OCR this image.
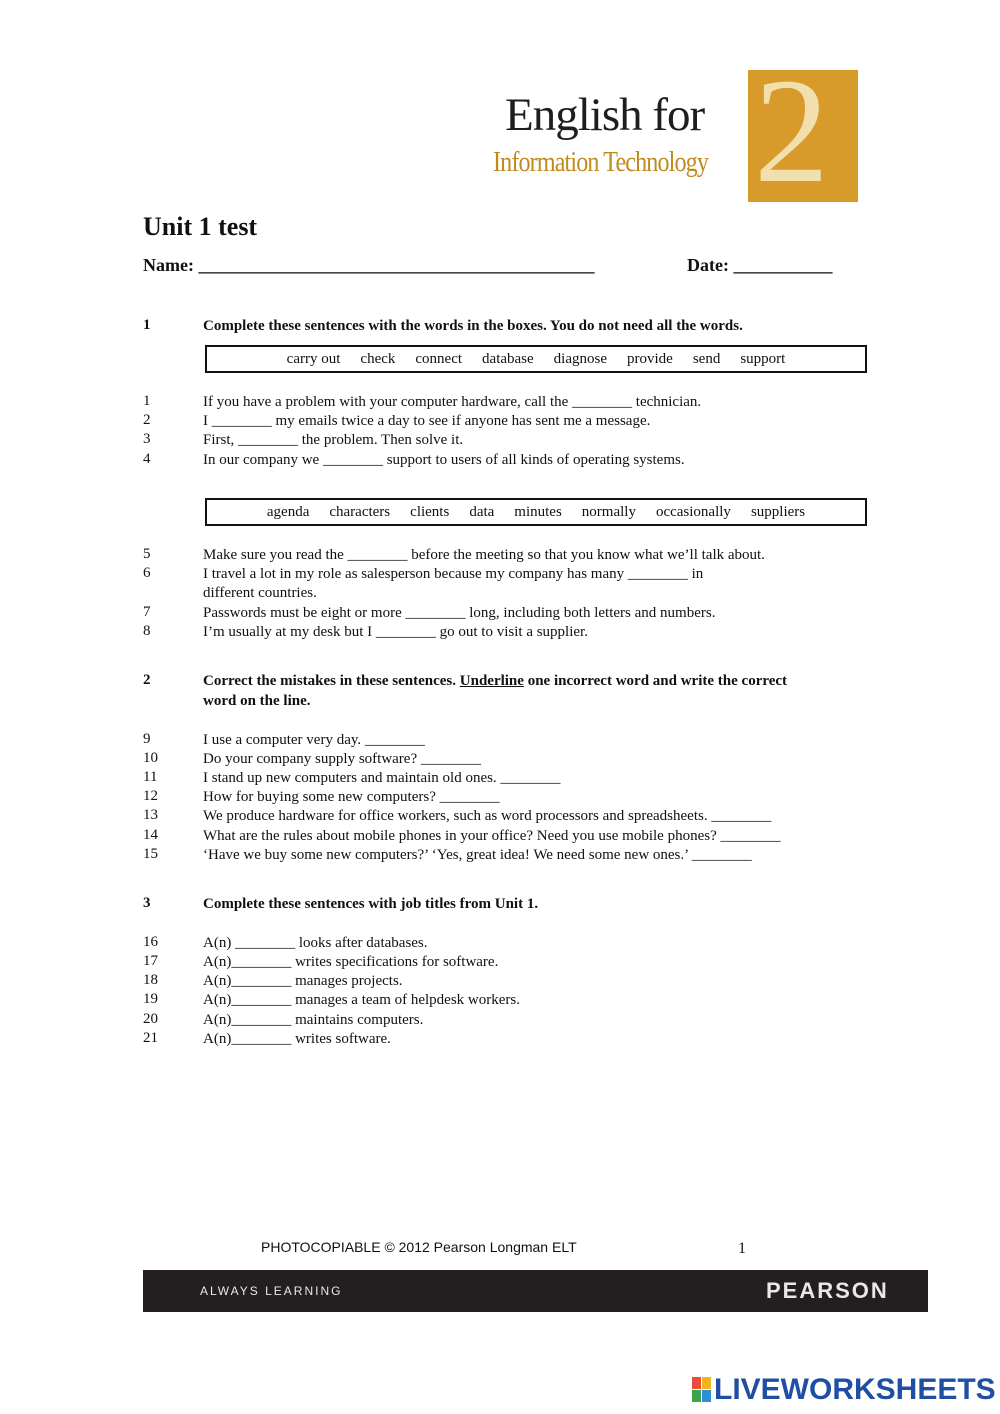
English for
Information Technology 2
Unit 1 test
Name: ____________________________________________	Date: ___________
1	Complete these sentences with the words in the boxes. You do not need all the words.
carry out check connect database diagnose provide send support
1	If you have a problem with your computer hardware, call the ________ technician.
2	I ________ my emails twice a day to see if anyone has sent me a message.
3	First, ________ the problem. Then solve it.
4	In our company we ________ support to users of all kinds of operating systems.
agenda characters clients data minutes normally occasionally suppliers
5	Make sure you read the ________ before the meeting so that you know what we’ll talk about.
6	I travel a lot in my role as salesperson because my company has many ________ in
different countries.
7	Passwords must be eight or more ________ long, including both letters and numbers.
8	I’m usually at my desk but I ________ go out to visit a supplier.
2	Correct the mistakes in these sentences. Underline one incorrect word and write the correct word on the line.
9	I use a computer very day. ________
10	Do your company supply software? ________
11	I stand up new computers and maintain old ones. ________
12	How for buying some new computers? ________
13	We produce hardware for office workers, such as word processors and spreadsheets. ________
14	What are the rules about mobile phones in your office? Need you use mobile phones? ________
15	‘Have we buy some new computers?’ ‘Yes, great idea! We need some new ones.’ ________
3	Complete these sentences with job titles from Unit 1.
16	A(n) ________ looks after databases.
17	A(n)________ writes specifications for software.
18	A(n)________ manages projects.
19	A(n)________ manages a team of helpdesk workers.
20	A(n)________ maintains computers.
21	A(n)________ writes software.
PHOTOCOPIABLE © 2012 Pearson Longman ELT	1
ALWAYS LEARNING	PEARSON
LIVEWORKSHEETS
